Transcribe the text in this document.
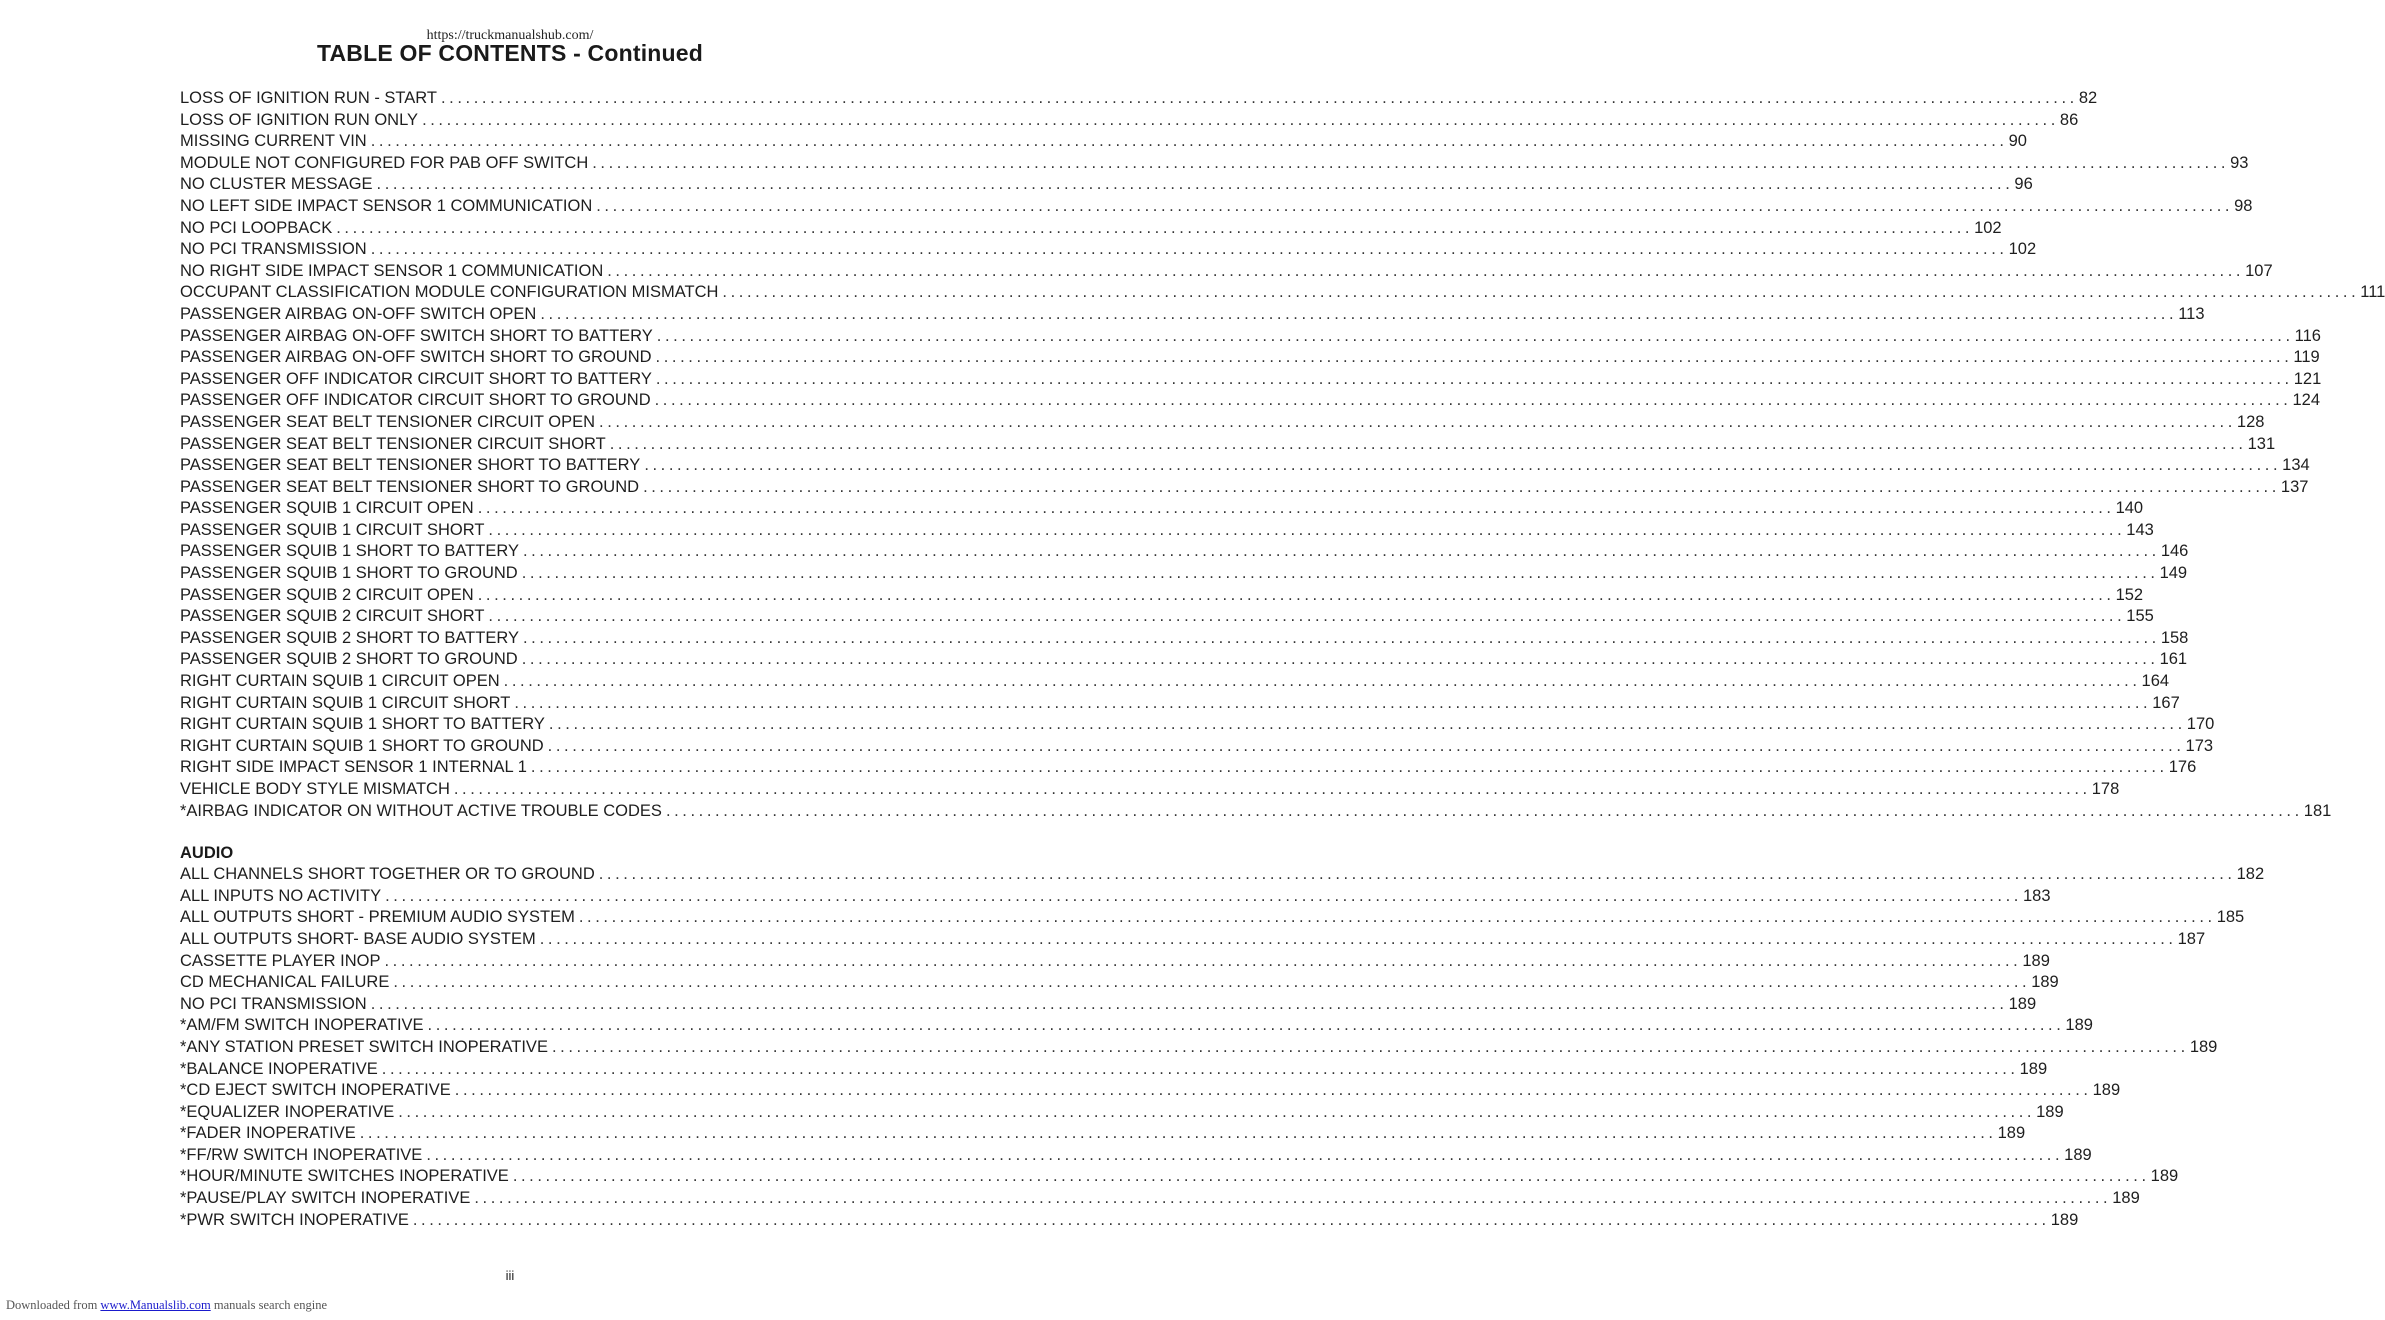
https://truckmanualshub.com/
TABLE OF CONTENTS - Continued
LOSS OF IGNITION RUN - START ........................................................................................................................................................................................................ 82
LOSS OF IGNITION RUN ONLY ........................................................................................................................................................................................................ 86
MISSING CURRENT VIN ........................................................................................................................................................................................................ 90
MODULE NOT CONFIGURED FOR PAB OFF SWITCH ........................................................................................................................................................................................................ 93
NO CLUSTER MESSAGE ........................................................................................................................................................................................................ 96
NO LEFT SIDE IMPACT SENSOR 1 COMMUNICATION ........................................................................................................................................................................................................ 98
NO PCI LOOPBACK ........................................................................................................................................................................................................ 102
NO PCI TRANSMISSION ........................................................................................................................................................................................................ 102
NO RIGHT SIDE IMPACT SENSOR 1 COMMUNICATION ........................................................................................................................................................................................................ 107
OCCUPANT CLASSIFICATION MODULE CONFIGURATION MISMATCH ........................................................................................................................................................................................................ 111
PASSENGER AIRBAG ON-OFF SWITCH OPEN ........................................................................................................................................................................................................ 113
PASSENGER AIRBAG ON-OFF SWITCH SHORT TO BATTERY ........................................................................................................................................................................................................ 116
PASSENGER AIRBAG ON-OFF SWITCH SHORT TO GROUND ........................................................................................................................................................................................................ 119
PASSENGER OFF INDICATOR CIRCUIT SHORT TO BATTERY ........................................................................................................................................................................................................ 121
PASSENGER OFF INDICATOR CIRCUIT SHORT TO GROUND ........................................................................................................................................................................................................ 124
PASSENGER SEAT BELT TENSIONER CIRCUIT OPEN ........................................................................................................................................................................................................ 128
PASSENGER SEAT BELT TENSIONER CIRCUIT SHORT ........................................................................................................................................................................................................ 131
PASSENGER SEAT BELT TENSIONER SHORT TO BATTERY ........................................................................................................................................................................................................ 134
PASSENGER SEAT BELT TENSIONER SHORT TO GROUND ........................................................................................................................................................................................................ 137
PASSENGER SQUIB 1 CIRCUIT OPEN ........................................................................................................................................................................................................ 140
PASSENGER SQUIB 1 CIRCUIT SHORT ........................................................................................................................................................................................................ 143
PASSENGER SQUIB 1 SHORT TO BATTERY ........................................................................................................................................................................................................ 146
PASSENGER SQUIB 1 SHORT TO GROUND ........................................................................................................................................................................................................ 149
PASSENGER SQUIB 2 CIRCUIT OPEN ........................................................................................................................................................................................................ 152
PASSENGER SQUIB 2 CIRCUIT SHORT ........................................................................................................................................................................................................ 155
PASSENGER SQUIB 2 SHORT TO BATTERY ........................................................................................................................................................................................................ 158
PASSENGER SQUIB 2 SHORT TO GROUND ........................................................................................................................................................................................................ 161
RIGHT CURTAIN SQUIB 1 CIRCUIT OPEN ........................................................................................................................................................................................................ 164
RIGHT CURTAIN SQUIB 1 CIRCUIT SHORT ........................................................................................................................................................................................................ 167
RIGHT CURTAIN SQUIB 1 SHORT TO BATTERY ........................................................................................................................................................................................................ 170
RIGHT CURTAIN SQUIB 1 SHORT TO GROUND ........................................................................................................................................................................................................ 173
RIGHT SIDE IMPACT SENSOR 1 INTERNAL 1 ........................................................................................................................................................................................................ 176
VEHICLE BODY STYLE MISMATCH ........................................................................................................................................................................................................ 178
*AIRBAG INDICATOR ON WITHOUT ACTIVE TROUBLE CODES ........................................................................................................................................................................................................ 181
AUDIO
ALL CHANNELS SHORT TOGETHER OR TO GROUND ........................................................................................................................................................................................................ 182
ALL INPUTS NO ACTIVITY ........................................................................................................................................................................................................ 183
ALL OUTPUTS SHORT - PREMIUM AUDIO SYSTEM ........................................................................................................................................................................................................ 185
ALL OUTPUTS SHORT- BASE AUDIO SYSTEM ........................................................................................................................................................................................................ 187
CASSETTE PLAYER INOP ........................................................................................................................................................................................................ 189
CD MECHANICAL FAILURE ........................................................................................................................................................................................................ 189
NO PCI TRANSMISSION ........................................................................................................................................................................................................ 189
*AM/FM SWITCH INOPERATIVE ........................................................................................................................................................................................................ 189
*ANY STATION PRESET SWITCH INOPERATIVE ........................................................................................................................................................................................................ 189
*BALANCE INOPERATIVE ........................................................................................................................................................................................................ 189
*CD EJECT SWITCH INOPERATIVE ........................................................................................................................................................................................................ 189
*EQUALIZER INOPERATIVE ........................................................................................................................................................................................................ 189
*FADER INOPERATIVE ........................................................................................................................................................................................................ 189
*FF/RW SWITCH INOPERATIVE ........................................................................................................................................................................................................ 189
*HOUR/MINUTE SWITCHES INOPERATIVE ........................................................................................................................................................................................................ 189
*PAUSE/PLAY SWITCH INOPERATIVE ........................................................................................................................................................................................................ 189
*PWR SWITCH INOPERATIVE ........................................................................................................................................................................................................ 189
iii
Downloaded from www.Manualslib.com manuals search engine
